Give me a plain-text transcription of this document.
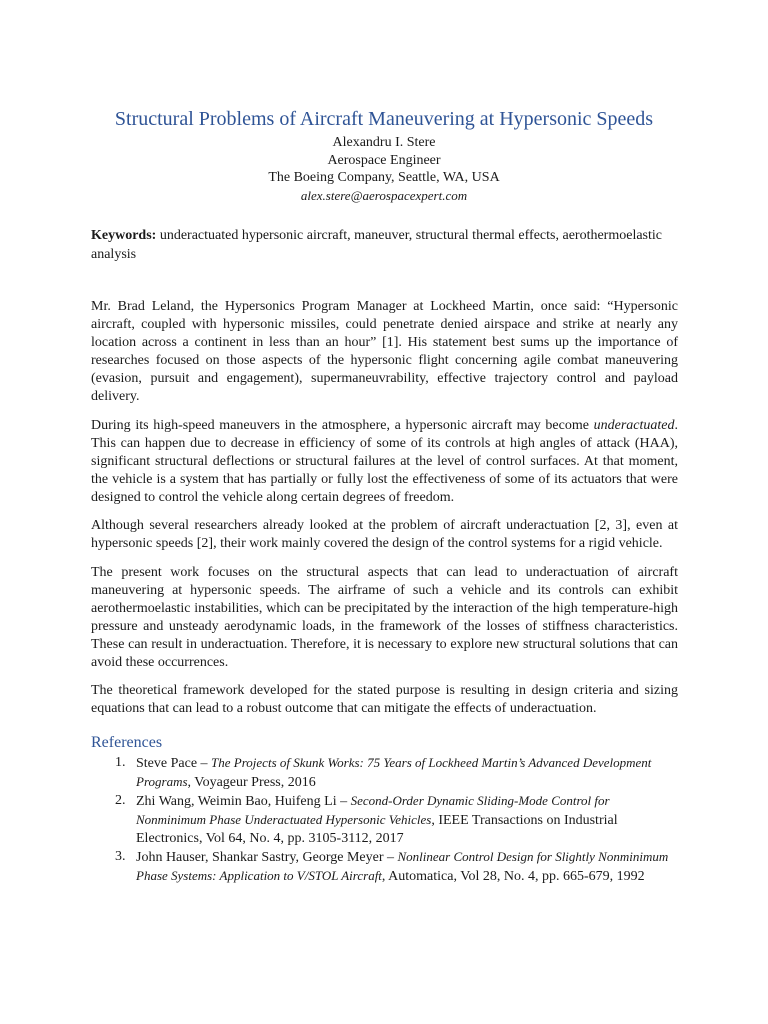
Structural Problems of Aircraft Maneuvering at Hypersonic Speeds
Alexandru I. Stere
Aerospace Engineer
The Boeing Company, Seattle, WA, USA
alex.stere@aerospacexpert.com

Keywords: underactuated hypersonic aircraft, maneuver, structural thermal effects, aerothermoelastic analysis

Mr. Brad Leland, the Hypersonics Program Manager at Lockheed Martin, once said: “Hypersonic aircraft, coupled with hypersonic missiles, could penetrate denied airspace and strike at nearly any location across a continent in less than an hour” [1]. His statement best sums up the importance of researches focused on those aspects of the hypersonic flight concerning agile combat maneuvering (evasion, pursuit and engagement), supermaneuvrability, effective trajectory control and payload delivery.

During its high-speed maneuvers in the atmosphere, a hypersonic aircraft may become underactuated. This can happen due to decrease in efficiency of some of its controls at high angles of attack (HAA), significant structural deflections or structural failures at the level of control surfaces. At that moment, the vehicle is a system that has partially or fully lost the effectiveness of some of its actuators that were designed to control the vehicle along certain degrees of freedom.

Although several researchers already looked at the problem of aircraft underactuation [2, 3], even at hypersonic speeds [2], their work mainly covered the design of the control systems for a rigid vehicle.

The present work focuses on the structural aspects that can lead to underactuation of aircraft maneuvering at hypersonic speeds. The airframe of such a vehicle and its controls can exhibit aerothermoelastic instabilities, which can be precipitated by the interaction of the high temperature-high pressure and unsteady aerodynamic loads, in the framework of the losses of stiffness characteristics. These can result in underactuation. Therefore, it is necessary to explore new structural solutions that can avoid these occurrences.

The theoretical framework developed for the stated purpose is resulting in design criteria and sizing equations that can lead to a robust outcome that can mitigate the effects of underactuation.

References
1. Steve Pace – The Projects of Skunk Works: 75 Years of Lockheed Martin’s Advanced Development Programs, Voyageur Press, 2016
2. Zhi Wang, Weimin Bao, Huifeng Li – Second-Order Dynamic Sliding-Mode Control for Nonminimum Phase Underactuated Hypersonic Vehicles, IEEE Transactions on Industrial Electronics, Vol 64, No. 4, pp. 3105-3112, 2017
3. John Hauser, Shankar Sastry, George Meyer – Nonlinear Control Design for Slightly Nonminimum Phase Systems: Application to V/STOL Aircraft, Automatica, Vol 28, No. 4, pp. 665-679, 1992
